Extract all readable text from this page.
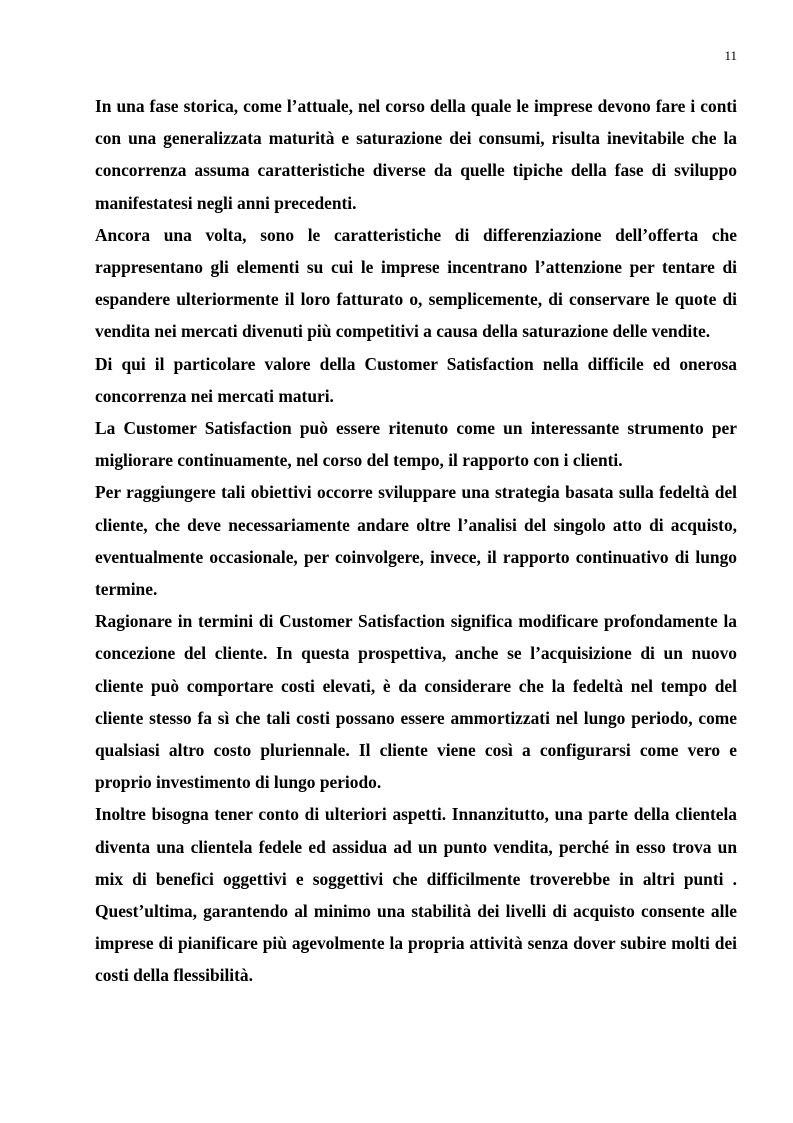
11

In una fase storica, come l’attuale, nel corso della quale le imprese devono fare i conti con una generalizzata maturità e saturazione dei consumi, risulta inevitabile che la concorrenza assuma caratteristiche diverse da quelle tipiche della fase di sviluppo manifestatesi negli anni precedenti.

Ancora una volta, sono le caratteristiche di differenziazione dell’offerta che rappresentano gli elementi su cui le imprese incentrano l’attenzione per tentare di espandere ulteriormente il loro fatturato o, semplicemente, di conservare le quote di vendita nei mercati divenuti più competitivi a causa della saturazione delle vendite.

Di qui il particolare valore della Customer Satisfaction nella difficile ed onerosa concorrenza nei mercati maturi.

La Customer Satisfaction può essere ritenuto come un interessante strumento per migliorare continuamente, nel corso del tempo, il rapporto con i clienti.

Per raggiungere tali obiettivi occorre sviluppare una strategia basata sulla fedeltà del cliente, che deve necessariamente andare oltre l’analisi del singolo atto di acquisto, eventualmente occasionale, per coinvolgere, invece, il rapporto continuativo di lungo termine.

Ragionare in termini di Customer Satisfaction significa modificare profondamente la concezione del cliente. In questa prospettiva, anche se l’acquisizione di un nuovo cliente può comportare costi elevati, è da considerare che la fedeltà nel tempo del cliente stesso fa sì che tali costi possano essere ammortizzati nel lungo periodo, come qualsiasi altro costo pluriennale. Il cliente viene così a configurarsi come vero e proprio investimento di lungo periodo.

Inoltre bisogna tener conto di ulteriori aspetti. Innanzitutto, una parte della clientela diventa una clientela fedele ed assidua ad un punto vendita, perché in esso trova un mix di benefici oggettivi e soggettivi che difficilmente troverebbe in altri punti . Quest’ultima, garantendo al minimo una stabilità dei livelli di acquisto consente alle imprese di pianificare più agevolmente la propria attività senza dover subire molti dei costi della flessibilità.
